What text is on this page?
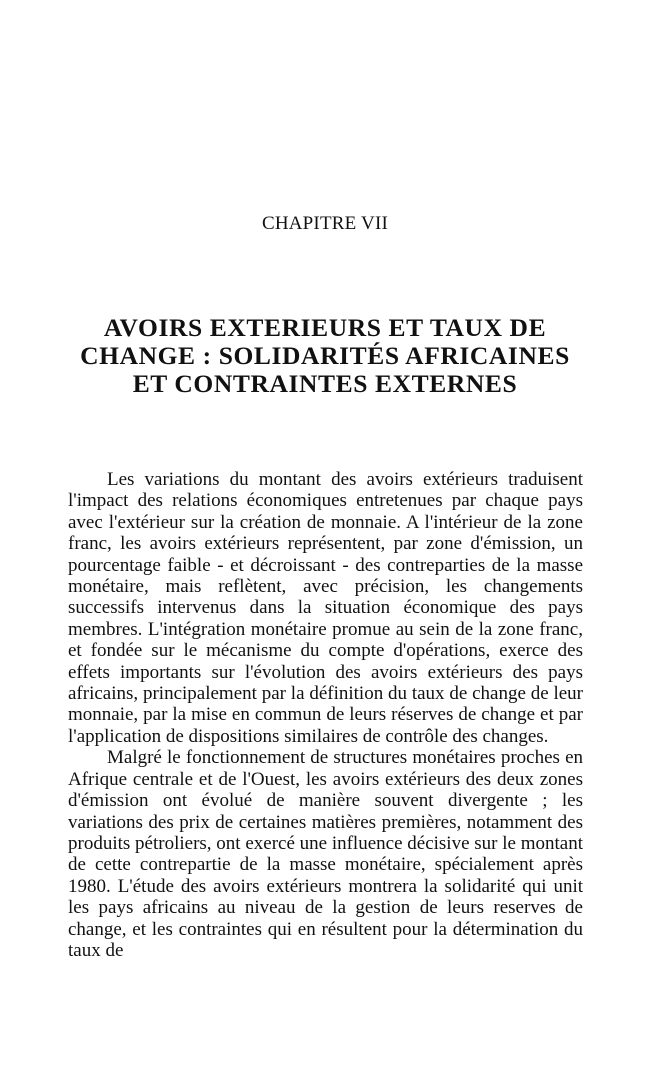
CHAPITRE VII
AVOIRS EXTERIEURS ET TAUX DE
CHANGE : SOLIDARITÉS AFRICAINES
ET CONTRAINTES EXTERNES

Les variations du montant des avoirs extérieurs traduisent l'impact des relations économiques entretenues par chaque pays avec l'extérieur sur la création de monnaie. A l'intérieur de la zone franc, les avoirs extérieurs représentent, par zone d'émission, un pourcentage faible - et décroissant - des contreparties de la masse monétaire, mais reflètent, avec précision, les changements successifs intervenus dans la situation économique des pays membres. L'intégration monétaire promue au sein de la zone franc, et fondée sur le mécanisme du compte d'opérations, exerce des effets importants sur l'évolution des avoirs extérieurs des pays africains, principalement par la définition du taux de change de leur monnaie, par la mise en commun de leurs réserves de change et par l'application de dispositions similaires de contrôle des changes.

Malgré le fonctionnement de structures monétaires proches en Afrique centrale et de l'Ouest, les avoirs extérieurs des deux zones d'émission ont évolué de manière souvent divergente ; les variations des prix de certaines matières premières, notamment des produits pétroliers, ont exercé une influence décisive sur le montant de cette contrepartie de la masse monétaire, spécialement après 1980. L'étude des avoirs extérieurs montrera la solidarité qui unit les pays africains au niveau de la gestion de leurs reserves de change, et les contraintes qui en résultent pour la détermination du taux de
